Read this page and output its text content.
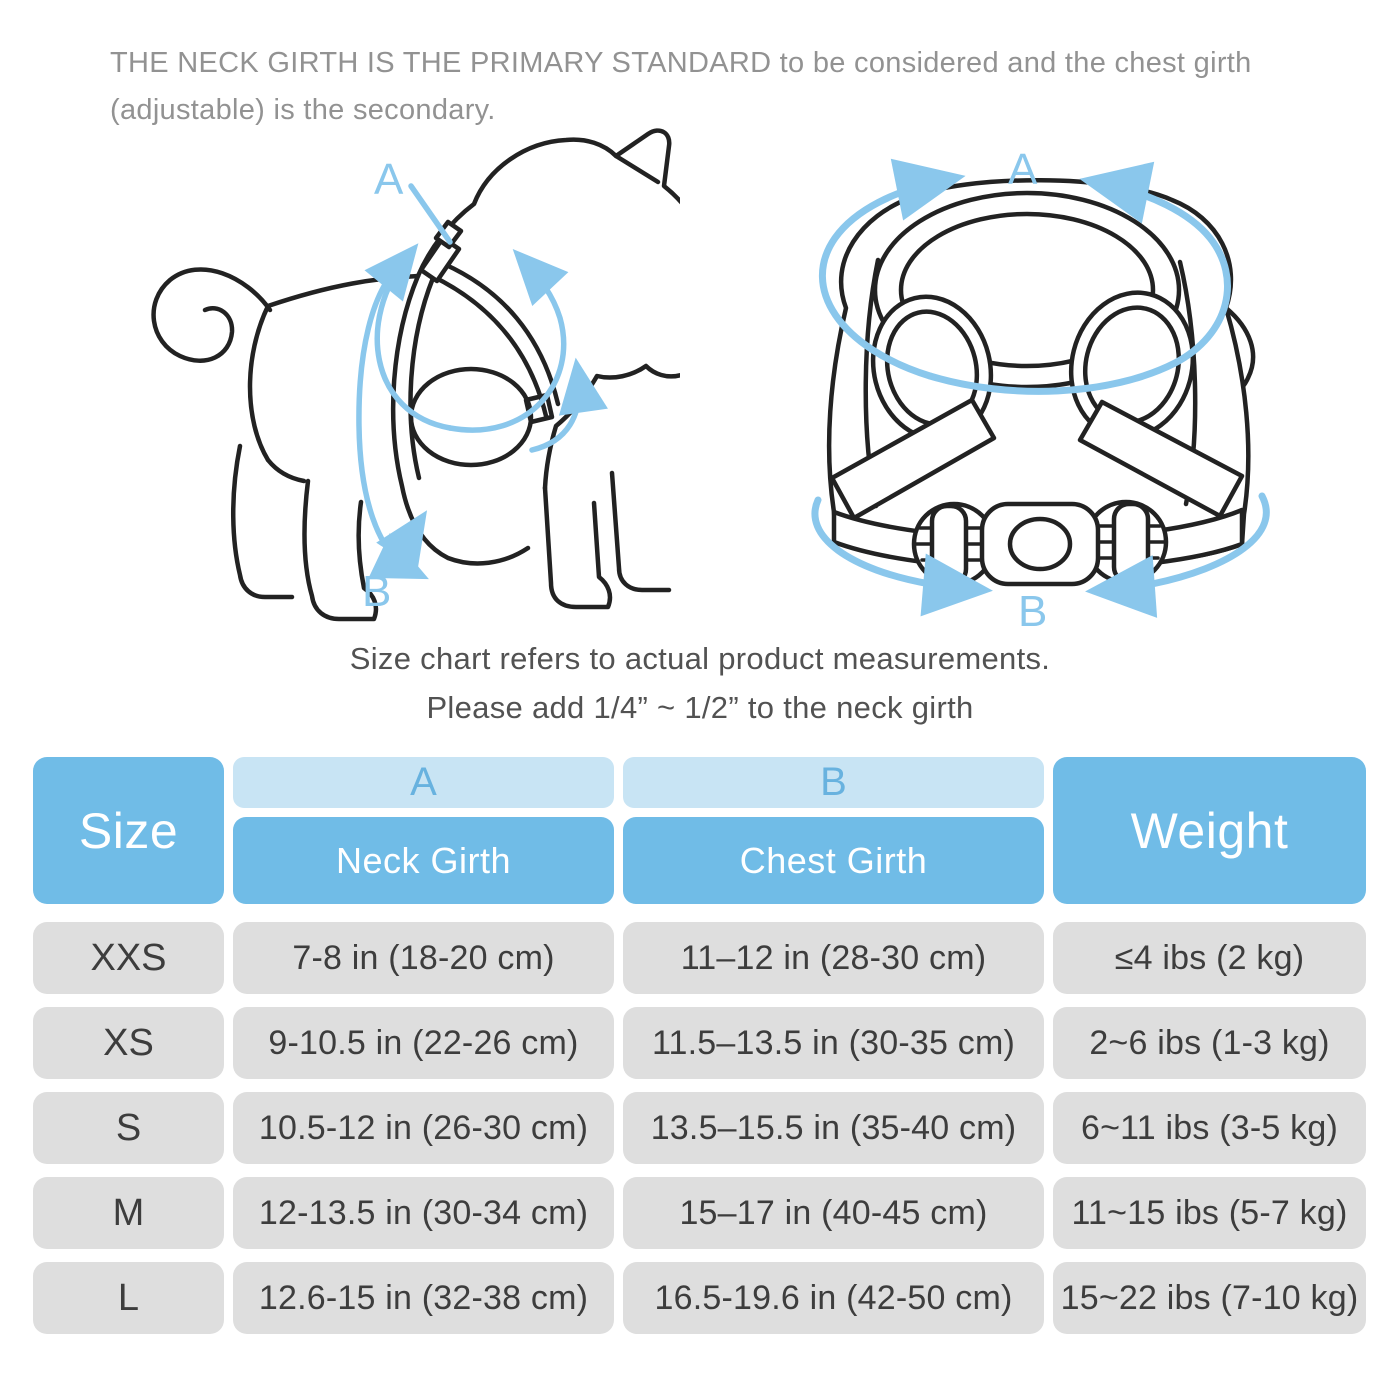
THE NECK GIRTH IS THE PRIMARY STANDARD to be considered and the chest girth (adjustable) is the secondary.
A
B
A
B
Size chart refers to actual product measurements.
Please add 1/4” ~ 1/2” to the neck girth
Size
A
Neck Girth
B
Chest Girth
Weight
XXS	7-8 in (18-20 cm)	11–12 in (28-30 cm)	≤4 ibs (2 kg)
XS	9-10.5 in (22-26 cm)	11.5–13.5 in (30-35 cm)	2~6 ibs (1-3 kg)
S	10.5-12 in (26-30 cm)	13.5–15.5 in (35-40 cm)	6~11 ibs (3-5 kg)
M	12-13.5 in (30-34 cm)	15–17 in (40-45 cm)	11~15 ibs (5-7 kg)
L	12.6-15 in (32-38 cm)	16.5-19.6 in (42-50 cm)	15~22 ibs (7-10 kg)
